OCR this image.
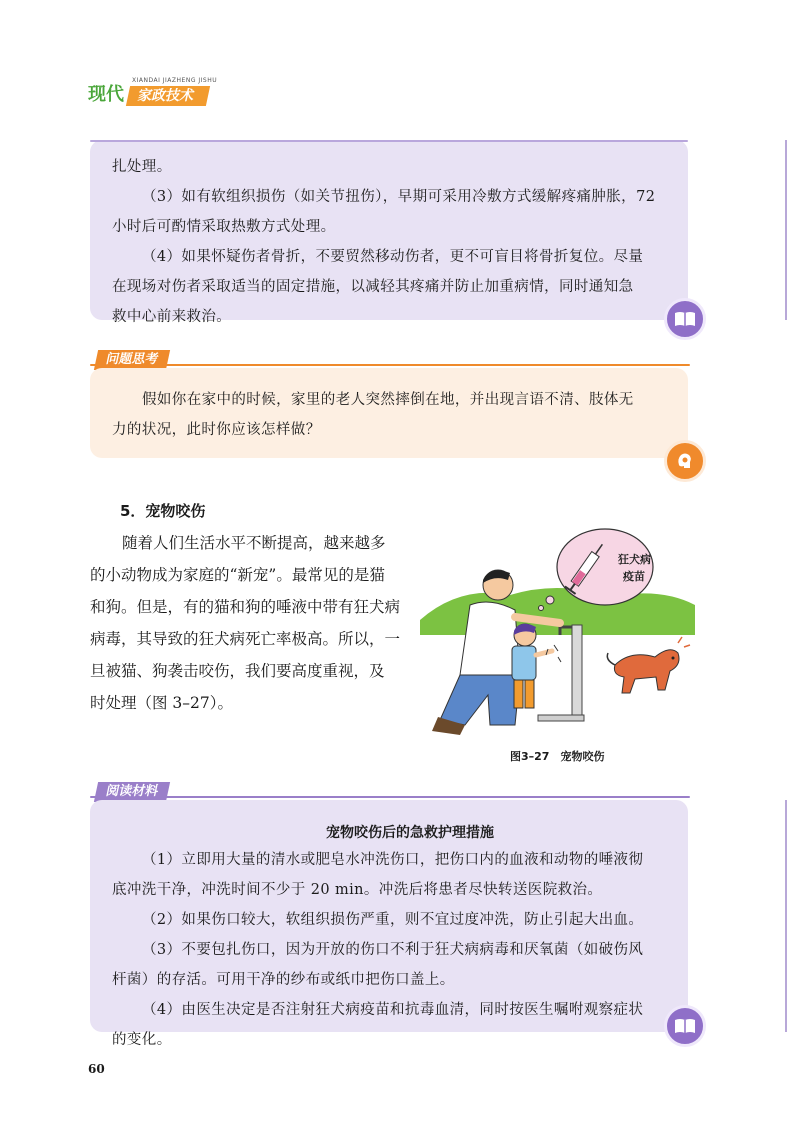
现代
XIANDAI JIAZHENG JISHU
家政技术

扎处理。

（3）如有软组织损伤（如关节扭伤），早期可采用冷敷方式缓解疼痛肿胀，72

小时后可酌情采取热敷方式处理。

（4）如果怀疑伤者骨折，不要贸然移动伤者，更不可盲目将骨折复位。尽量

在现场对伤者采取适当的固定措施，以减轻其疼痛并防止加重病情，同时通知急

救中心前来救治。

问题思考

假如你在家中的时候，家里的老人突然摔倒在地，并出现言语不清、肢体无

力的状况，此时你应该怎样做？

5．宠物咬伤

随着人们生活水平不断提高，越来越多

的小动物成为家庭的“新宠”。最常见的是猫

和狗。但是，有的猫和狗的唾液中带有狂犬病

病毒，其导致的狂犬病死亡率极高。所以，一

旦被猫、狗袭击咬伤，我们要高度重视，及

时处理（图 3–27）。

狂犬病
疫苗
图3–27　宠物咬伤
阅读材料
宠物咬伤后的急救护理措施

（1）立即用大量的清水或肥皂水冲洗伤口，把伤口内的血液和动物的唾液彻

底冲洗干净，冲洗时间不少于 20 min。冲洗后将患者尽快转送医院救治。

（2）如果伤口较大，软组织损伤严重，则不宜过度冲洗，防止引起大出血。

（3）不要包扎伤口，因为开放的伤口不利于狂犬病病毒和厌氧菌（如破伤风

杆菌）的存活。可用干净的纱布或纸巾把伤口盖上。

（4）由医生决定是否注射狂犬病疫苗和抗毒血清，同时按医生嘱咐观察症状

的变化。

60
